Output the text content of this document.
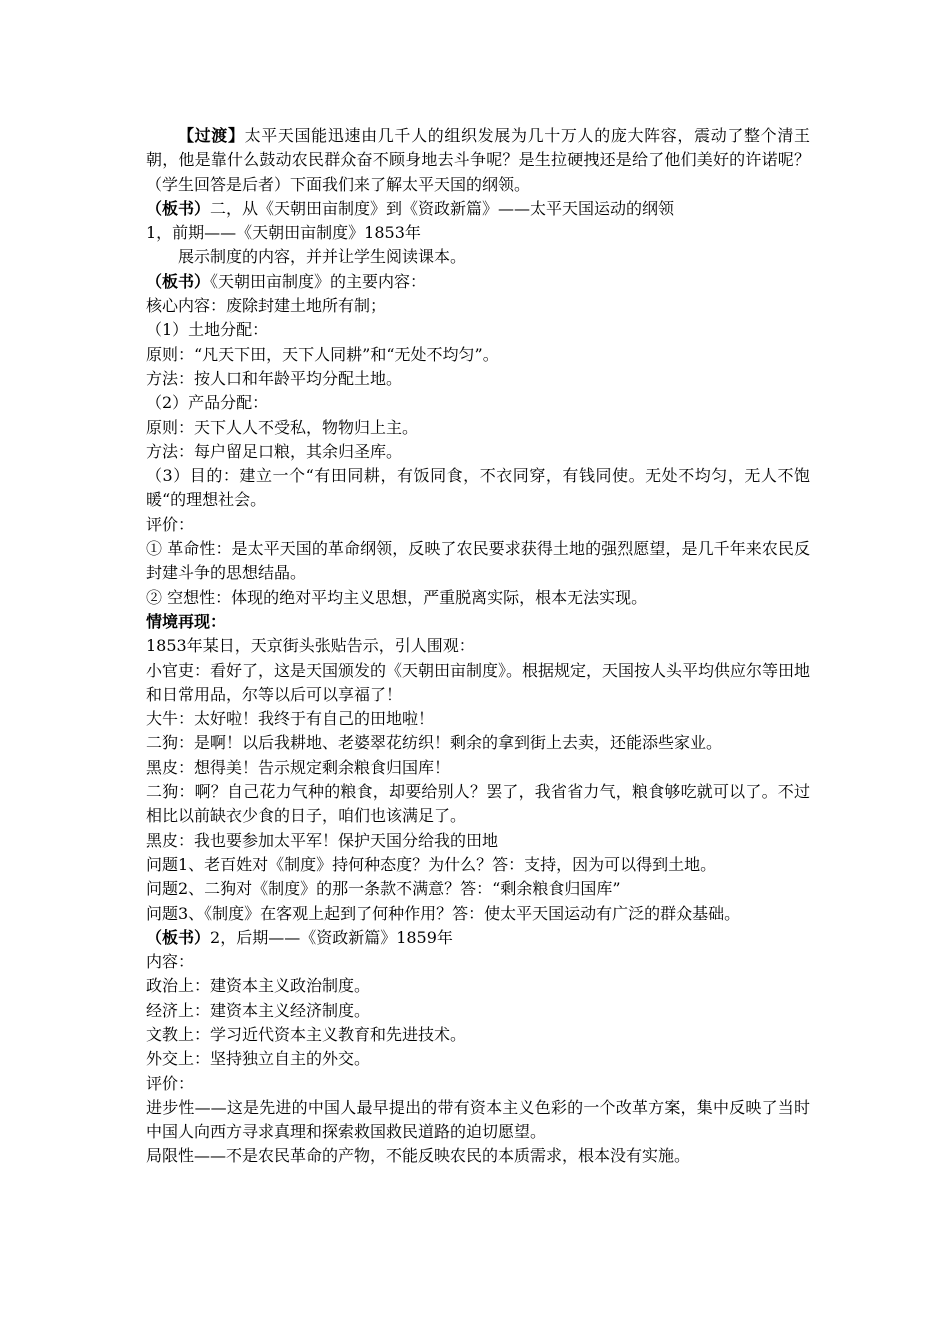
【过渡】太平天国能迅速由几千人的组织发展为几十万人的庞大阵容，震动了整个清王朝，他是靠什么鼓动农民群众奋不顾身地去斗争呢？是生拉硬拽还是给了他们美好的许诺呢？（学生回答是后者）下面我们来了解太平天国的纲领。

（板书）二，从《天朝田亩制度》到《资政新篇》——太平天国运动的纲领

1，前期——《天朝田亩制度》1853年

展示制度的内容，并并让学生阅读课本。

（板书）《天朝田亩制度》的主要内容：

核心内容：废除封建土地所有制；

（1）土地分配：

原则：“凡天下田，天下人同耕”和“无处不均匀”。

方法：按人口和年龄平均分配土地。

（2）产品分配：

原则：天下人人不受私，物物归上主。

方法：每户留足口粮，其余归圣库。

（3）目的：建立一个“有田同耕，有饭同食，不衣同穿，有钱同使。无处不均匀，无人不饱暖“的理想社会。

评价：

① 革命性：是太平天国的革命纲领，反映了农民要求获得土地的强烈愿望，是几千年来农民反封建斗争的思想结晶。

② 空想性：体现的绝对平均主义思想，严重脱离实际，根本无法实现。

情境再现：

1853年某日，天京街头张贴告示，引人围观：

小官吏：看好了，这是天国颁发的《天朝田亩制度》。根据规定，天国按人头平均供应尔等田地和日常用品，尔等以后可以享福了！

大牛：太好啦！我终于有自己的田地啦！

二狗：是啊！以后我耕地、老婆翠花纺织！剩余的拿到街上去卖，还能添些家业。

黑皮：想得美！告示规定剩余粮食归国库！

二狗：啊？自己花力气种的粮食，却要给别人？罢了，我省省力气，粮食够吃就可以了。不过相比以前缺衣少食的日子，咱们也该满足了。

黑皮：我也要参加太平军！保护天国分给我的田地

问题1、老百姓对《制度》持何种态度？为什么？答：支持，因为可以得到土地。

问题2、二狗对《制度》的那一条款不满意？答：“剩余粮食归国库”

问题3、《制度》在客观上起到了何种作用？答：使太平天国运动有广泛的群众基础。

（板书）2，后期——《资政新篇》1859年

内容：

政治上：建资本主义政治制度。

经济上：建资本主义经济制度。

文教上：学习近代资本主义教育和先进技术。

外交上：坚持独立自主的外交。

评价：

进步性——这是先进的中国人最早提出的带有资本主义色彩的一个改革方案，集中反映了当时中国人向西方寻求真理和探索救国救民道路的迫切愿望。

局限性——不是农民革命的产物，不能反映农民的本质需求，根本没有实施。
